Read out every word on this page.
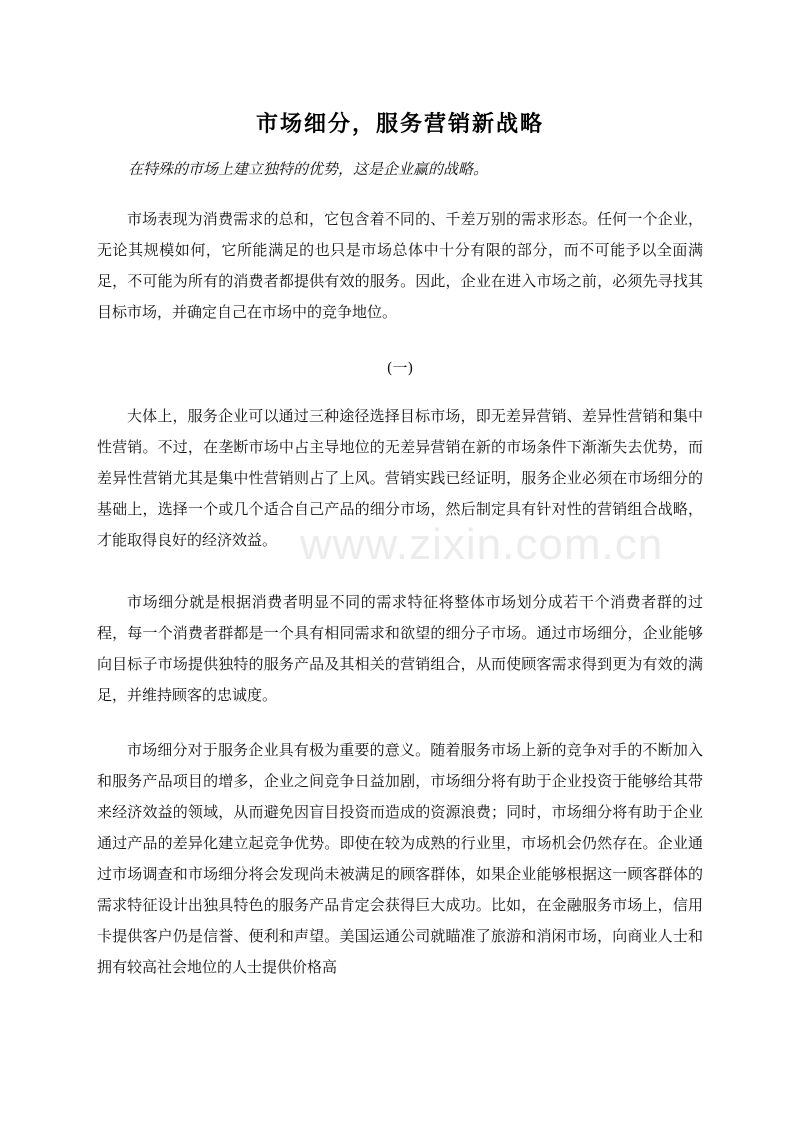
市场细分，服务营销新战略
在特殊的市场上建立独特的优势，这是企业赢的战略。
市场表现为消费需求的总和，它包含着不同的、千差万别的需求形态。任何一个企业，无论其规模如何，它所能满足的也只是市场总体中十分有限的部分，而不可能予以全面满足，不可能为所有的消费者都提供有效的服务。因此，企业在进入市场之前，必须先寻找其目标市场，并确定自己在市场中的竞争地位。
(一)
大体上，服务企业可以通过三种途径选择目标市场，即无差异营销、差异性营销和集中性营销。不过，在垄断市场中占主导地位的无差异营销在新的市场条件下渐渐失去优势，而差异性营销尤其是集中性营销则占了上风。营销实践已经证明，服务企业必须在市场细分的基础上，选择一个或几个适合自己产品的细分市场，然后制定具有针对性的营销组合战略，才能取得良好的经济效益。
市场细分就是根据消费者明显不同的需求特征将整体市场划分成若干个消费者群的过程，每一个消费者群都是一个具有相同需求和欲望的细分子市场。通过市场细分，企业能够向目标子市场提供独特的服务产品及其相关的营销组合，从而使顾客需求得到更为有效的满足，并维持顾客的忠诚度。
市场细分对于服务企业具有极为重要的意义。随着服务市场上新的竞争对手的不断加入和服务产品项目的增多，企业之间竞争日益加剧，市场细分将有助于企业投资于能够给其带来经济效益的领域，从而避免因盲目投资而造成的资源浪费；同时，市场细分将有助于企业通过产品的差异化建立起竞争优势。即使在较为成熟的行业里，市场机会仍然存在。企业通过市场调查和市场细分将会发现尚未被满足的顾客群体，如果企业能够根据这一顾客群体的需求特征设计出独具特色的服务产品肯定会获得巨大成功。比如，在金融服务市场上，信用卡提供客户仍是信誉、便利和声望。美国运通公司就瞄准了旅游和消闲市场，向商业人士和拥有较高社会地位的人士提供价格高
www.zixin.com.cn
